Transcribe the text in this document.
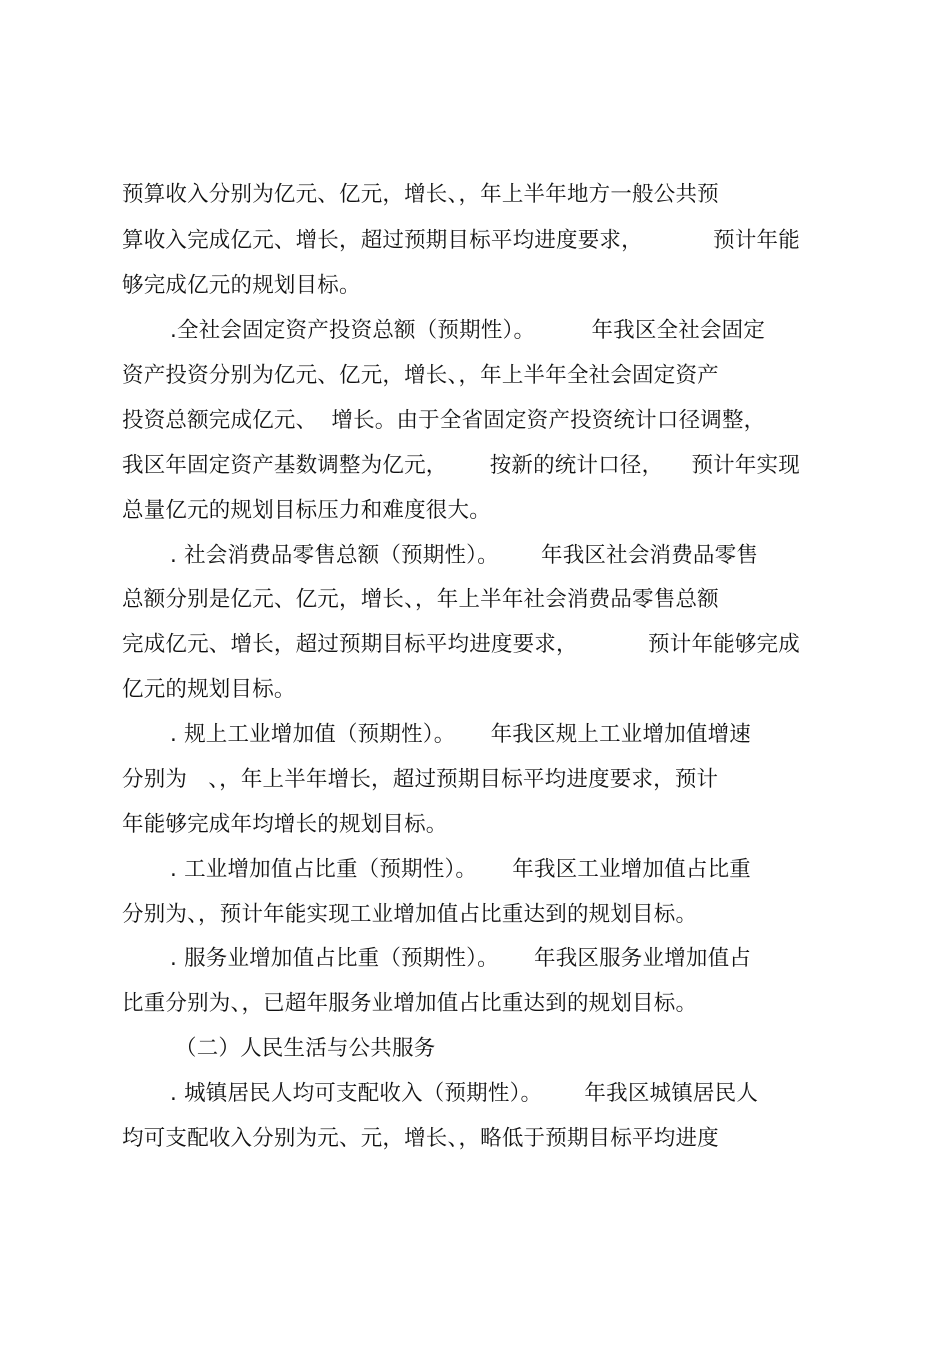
预算收入分别为亿元、亿元，增长、，年上半年地方一般公共预
算收入完成亿元、增长，超过预期目标平均进度要求，          预计年能
够完成亿元的规划目标。
.全社会固定资产投资总额（预期性）。        年我区全社会固定
资产投资分别为亿元、亿元，增长、，年上半年全社会固定资产
投资总额完成亿元、  增长。由于全省固定资产投资统计口径调整，
我区年固定资产基数调整为亿元，      按新的统计口径，    预计年实现
总量亿元的规划目标压力和难度很大。
. 社会消费品零售总额（预期性）。      年我区社会消费品零售
总额分别是亿元、亿元，增长、，年上半年社会消费品零售总额
完成亿元、增长，超过预期目标平均进度要求，          预计年能够完成
亿元的规划目标。
. 规上工业增加值（预期性）。     年我区规上工业增加值增速
分别为   、，年上半年增长，超过预期目标平均进度要求，预计
年能够完成年均增长的规划目标。
. 工业增加值占比重（预期性）。     年我区工业增加值占比重
分别为、，预计年能实现工业增加值占比重达到的规划目标。
. 服务业增加值占比重（预期性）。     年我区服务业增加值占
比重分别为、，已超年服务业增加值占比重达到的规划目标。
（二）人民生活与公共服务
. 城镇居民人均可支配收入（预期性）。      年我区城镇居民人
均可支配收入分别为元、元，增长、，略低于预期目标平均进度
